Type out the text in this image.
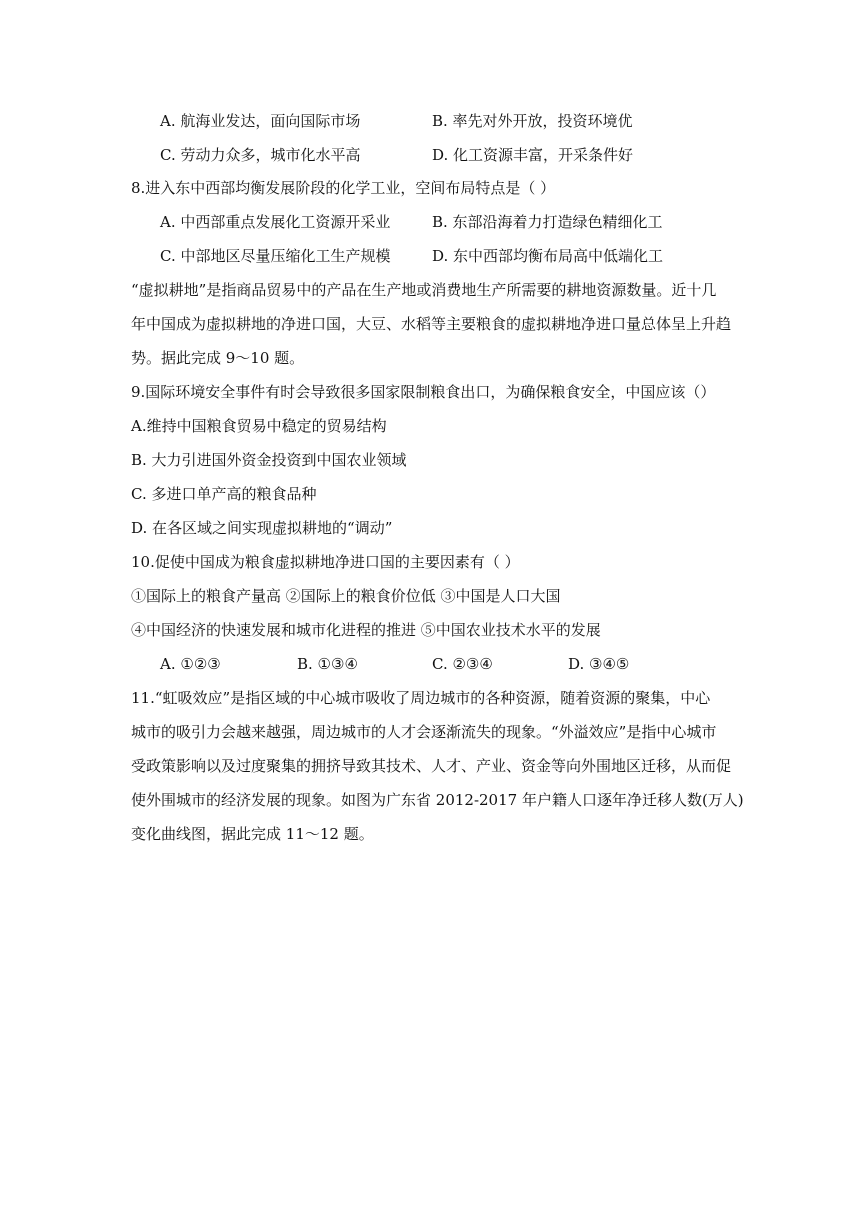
A. 航海业发达，面向国际市场	B. 率先对外开放，投资环境优
C. 劳动力众多，城市化水平高	D. 化工资源丰富，开采条件好
8.进入东中西部均衡发展阶段的化学工业，空间布局特点是（ ）
A. 中西部重点发展化工资源开采业	B. 东部沿海着力打造绿色精细化工
C. 中部地区尽量压缩化工生产规模	D. 东中西部均衡布局高中低端化工
“虚拟耕地”是指商品贸易中的产品在生产地或消费地生产所需要的耕地资源数量。近十几
年中国成为虚拟耕地的净进口国，大豆、水稻等主要粮食的虚拟耕地净进口量总体呈上升趋
势。据此完成 9～10 题。
9.国际环境安全事件有时会导致很多国家限制粮食出口，为确保粮食安全，中国应该（）
A.维持中国粮食贸易中稳定的贸易结构
B. 大力引进国外资金投资到中国农业领域
C. 多进口单产高的粮食品种
D. 在各区域之间实现虚拟耕地的“调动”
10.促使中国成为粮食虚拟耕地净进口国的主要因素有（ ）
①国际上的粮食产量高 ②国际上的粮食价位低 ③中国是人口大国
④中国经济的快速发展和城市化进程的推进 ⑤中国农业技术水平的发展
A. ①②③	B. ①③④	C. ②③④	D. ③④⑤
11.“虹吸效应”是指区域的中心城市吸收了周边城市的各种资源，随着资源的聚集，中心
城市的吸引力会越来越强，周边城市的人才会逐渐流失的现象。“外溢效应”是指中心城市
受政策影响以及过度聚集的拥挤导致其技术、人才、产业、资金等向外围地区迁移，从而促
使外围城市的经济发展的现象。如图为广东省 2012-2017 年户籍人口逐年净迁移人数(万人)
变化曲线图，据此完成 11～12 题。
